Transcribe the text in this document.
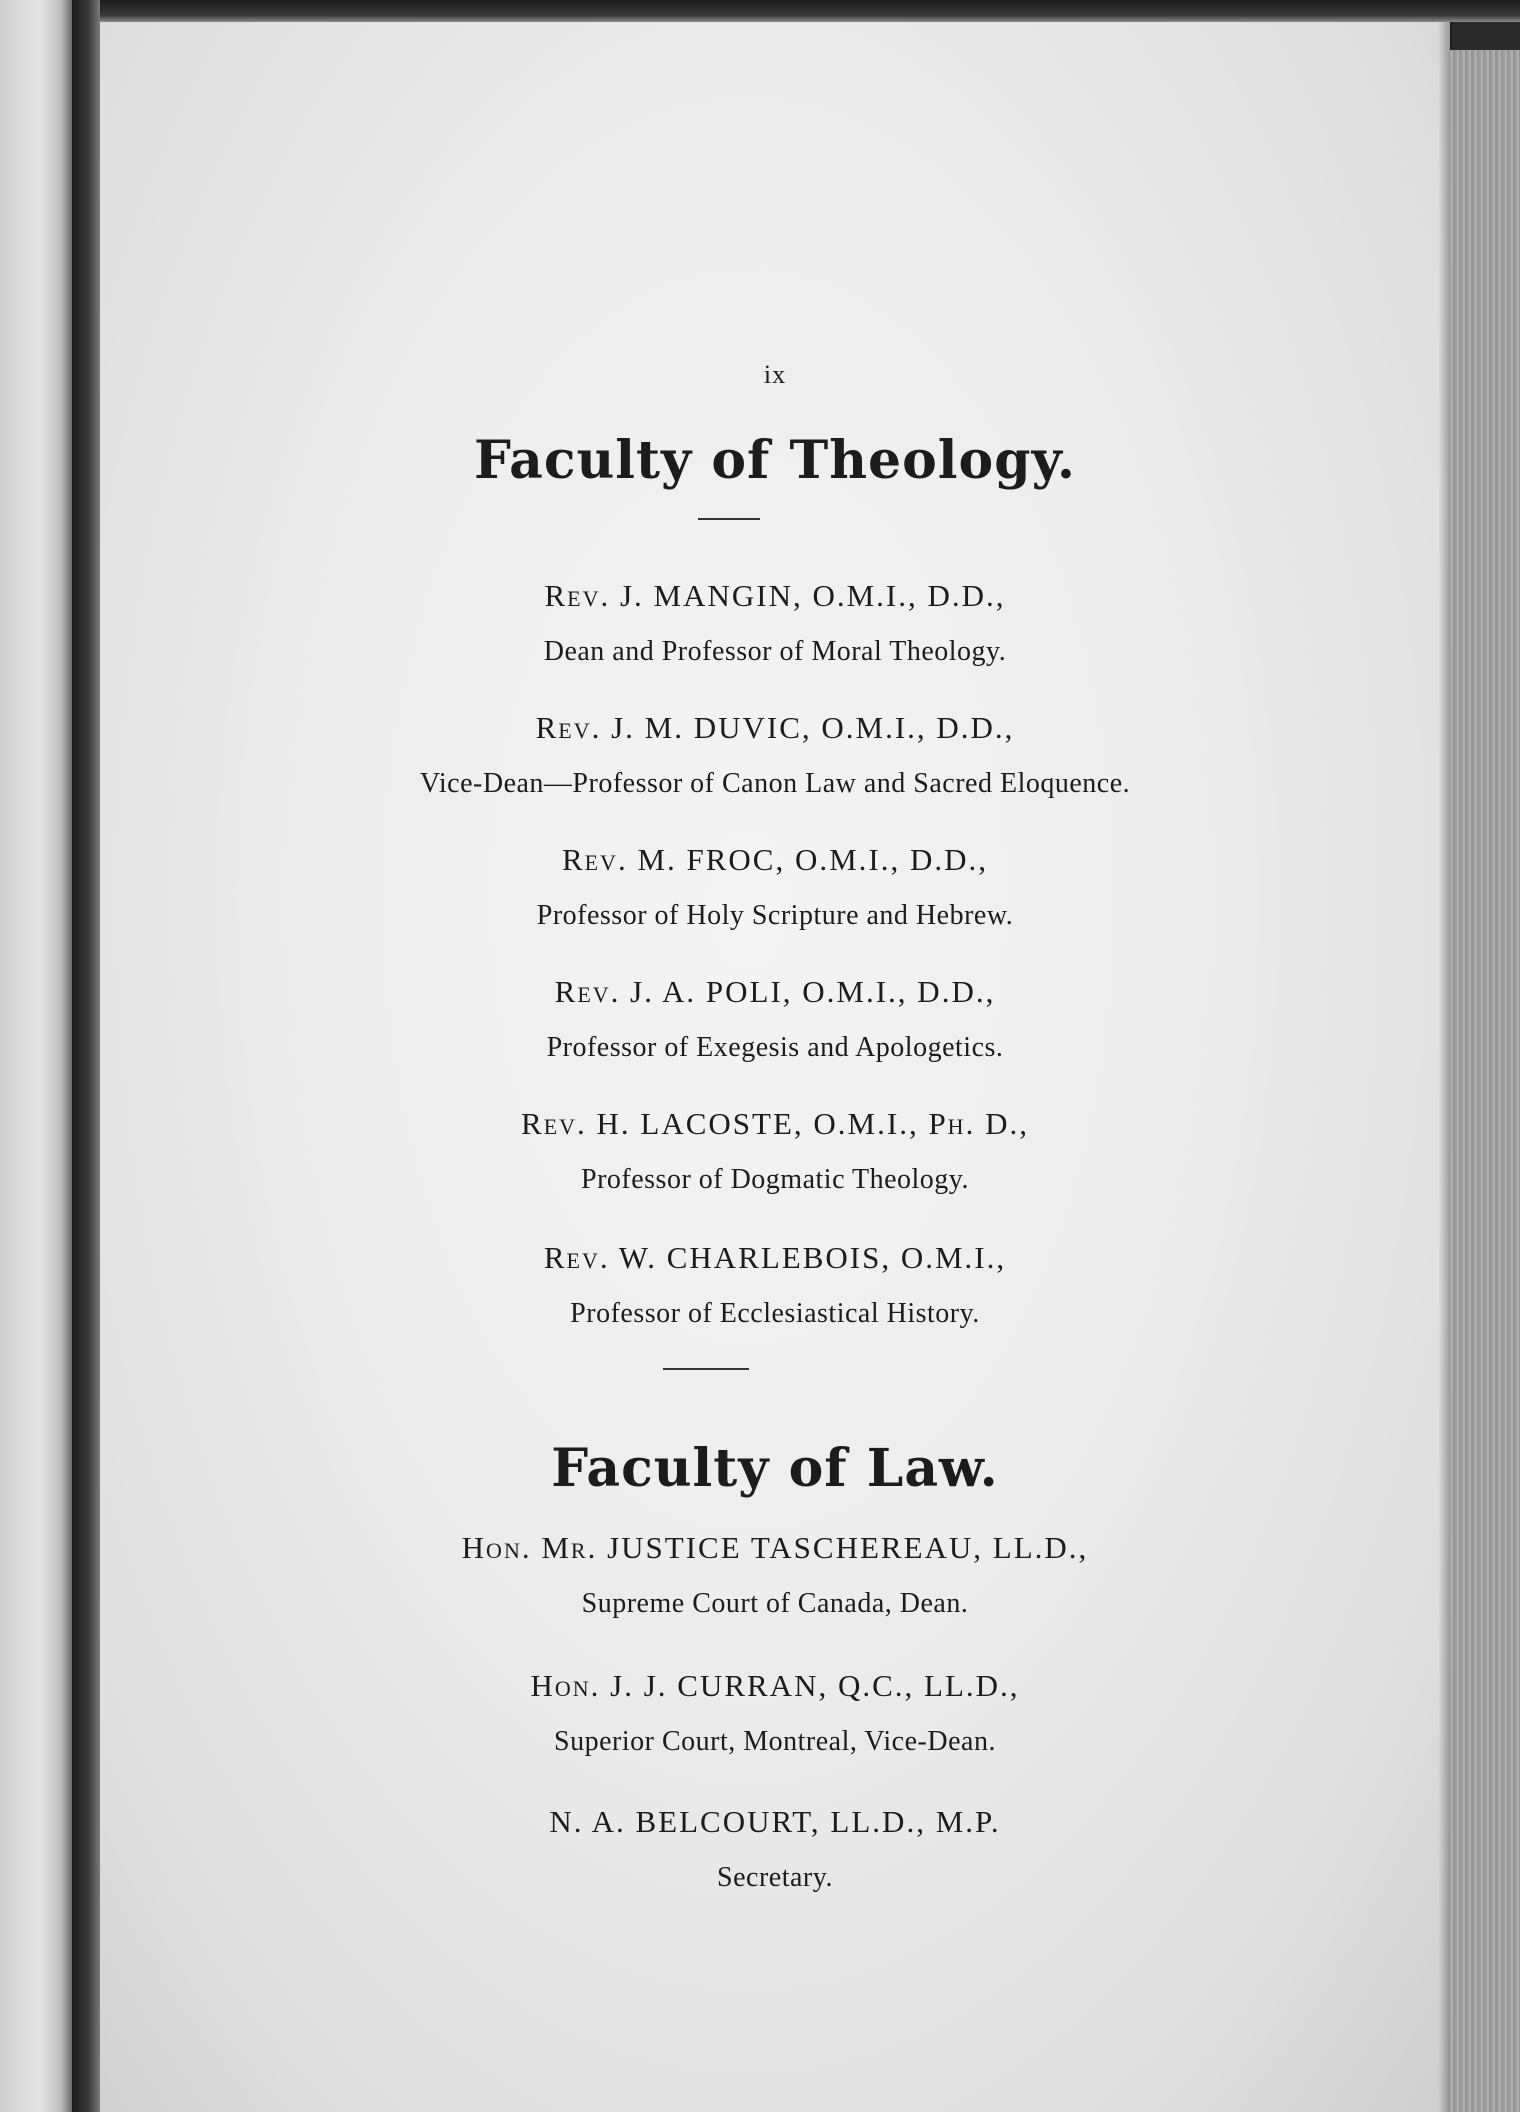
ix
Faculty of Theology.
Rev. J. MANGIN, O.M.I., D.D.,
Dean and Professor of Moral Theology.
Rev. J. M. DUVIC, O.M.I., D.D.,
Vice-Dean—Professor of Canon Law and Sacred Eloquence.
Rev. M. FROC, O.M.I., D.D.,
Professor of Holy Scripture and Hebrew.
Rev. J. A. POLI, O.M.I., D.D.,
Professor of Exegesis and Apologetics.
Rev. H. LACOSTE, O.M.I., Ph. D.,
Professor of Dogmatic Theology.
Rev. W. CHARLEBOIS, O.M.I.,
Professor of Ecclesiastical History.
Faculty of Law.
Hon. Mr. JUSTICE TASCHEREAU, LL.D.,
Supreme Court of Canada, Dean.
Hon. J. J. CURRAN, Q.C., LL.D.,
Superior Court, Montreal, Vice-Dean.
N. A. BELCOURT, LL.D., M.P.
Secretary.
